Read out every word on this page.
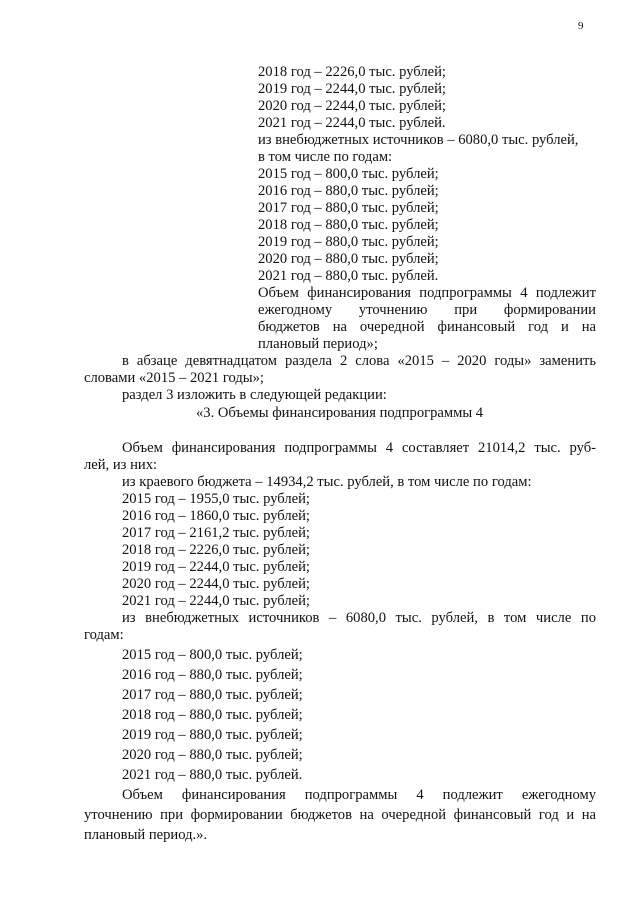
9
2018 год – 2226,0 тыс. рублей;
2019 год – 2244,0 тыс. рублей;
2020 год – 2244,0 тыс. рублей;
2021 год – 2244,0 тыс. рублей.
из внебюджетных источников – 6080,0 тыс. рублей,
в том числе по годам:
2015 год – 800,0 тыс. рублей;
2016 год – 880,0 тыс. рублей;
2017 год – 880,0 тыс. рублей;
2018 год – 880,0 тыс. рублей;
2019 год – 880,0 тыс. рублей;
2020 год – 880,0 тыс. рублей;
2021 год – 880,0 тыс. рублей.
Объем финансирования подпрограммы 4 подлежит
ежегодному уточнению при формировании
бюджетов на очередной финансовый год и на
плановый период»;
в абзаце девятнадцатом раздела 2 слова «2015 – 2020 годы» заменить
словами «2015 – 2021 годы»;
раздел 3 изложить в следующей редакции:
«3. Объемы финансирования подпрограммы 4
Объем финансирования подпрограммы 4 составляет 21014,2 тыс. руб-
лей, из них:
из краевого бюджета – 14934,2 тыс. рублей, в том числе по годам:
2015 год – 1955,0 тыс. рублей;
2016 год – 1860,0 тыс. рублей;
2017 год – 2161,2 тыс. рублей;
2018 год – 2226,0 тыс. рублей;
2019 год – 2244,0 тыс. рублей;
2020 год – 2244,0 тыс. рублей;
2021 год – 2244,0 тыс. рублей;
из внебюджетных источников – 6080,0 тыс. рублей, в том числе по
годам:
2015 год – 800,0 тыс. рублей;
2016 год – 880,0 тыс. рублей;
2017 год – 880,0 тыс. рублей;
2018 год – 880,0 тыс. рублей;
2019 год – 880,0 тыс. рублей;
2020 год – 880,0 тыс. рублей;
2021 год – 880,0 тыс. рублей.
Объем финансирования подпрограммы 4 подлежит ежегодному
уточнению при формировании бюджетов на очередной финансовый год и на
плановый период.».
